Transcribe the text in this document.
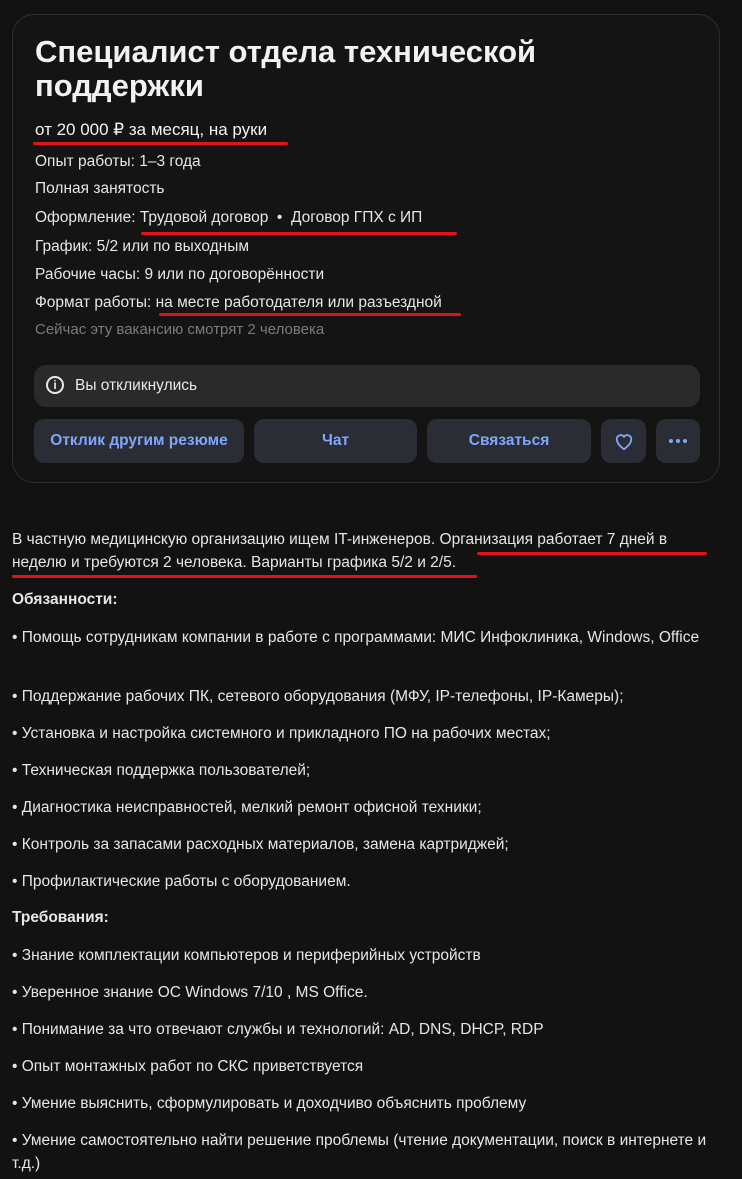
Специалист отдела технической поддержки
от 20 000 ₽ за месяц, на руки
Опыт работы: 1–3 года
Полная занятость
Оформление: Трудовой договор  •  Договор ГПХ с ИП
График: 5/2 или по выходным
Рабочие часы: 9 или по договорённости
Формат работы: на месте работодателя или разъездной
Сейчас эту вакансию смотрят 2 человека
i	Вы откликнулись
Отклик другим резюме	Чат	Связаться

В частную медицинскую организацию ищем IT-инженеров. Организация работает 7 дней в неделю и требуются 2 человека. Варианты графика 5/2 и 2/5.

Обязанности:

• Помощь сотрудникам компании в работе с программами: МИС Инфоклиника, Windows, Office

• Поддержание рабочих ПК, сетевого оборудования (МФУ, IP-телефоны, IP-Камеры);

• Установка и настройка системного и прикладного ПО на рабочих местах;

• Техническая поддержка пользователей;

• Диагностика неисправностей, мелкий ремонт офисной техники;

• Контроль за запасами расходных материалов, замена картриджей;

• Профилактические работы с оборудованием.

Требования:

• Знание комплектации компьютеров и периферийных устройств

• Уверенное знание ОС Windows 7/10 , MS Office.

• Понимание за что отвечают службы и технологий: AD, DNS, DHCP, RDP

• Опыт монтажных работ по СКС приветствуется

• Умение выяснить, сформулировать и доходчиво объяснить проблему

• Умение самостоятельно найти решение проблемы (чтение документации, поиск в интернете и т.д.)
